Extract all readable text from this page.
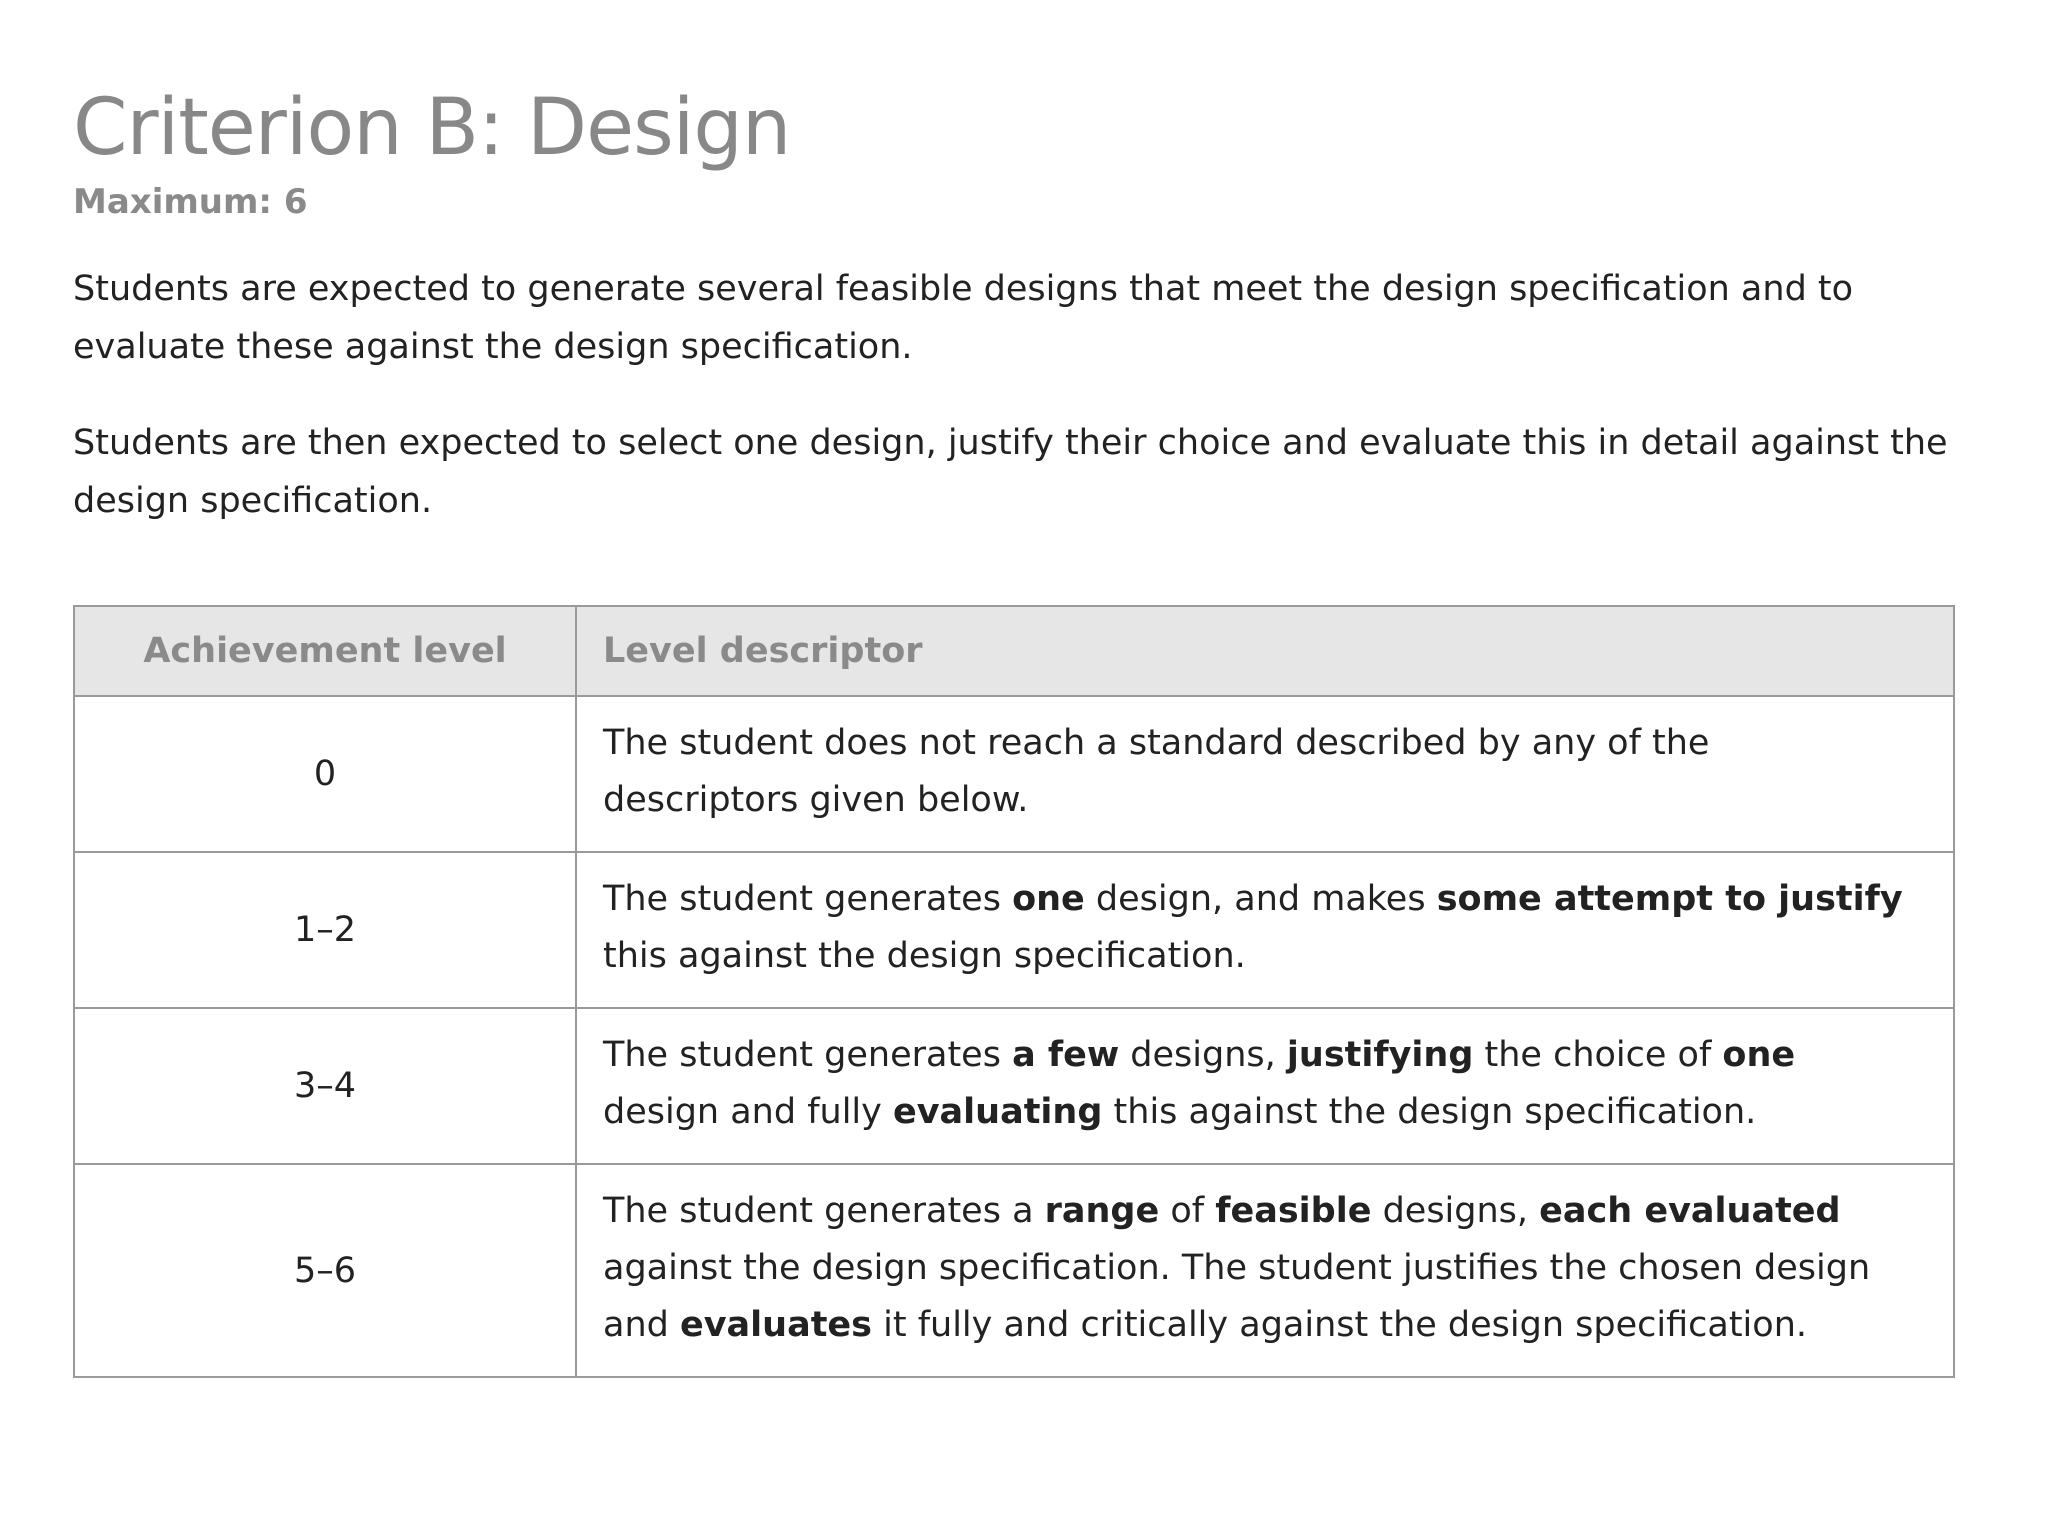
Criterion B: Design
Maximum: 6

Students are expected to generate several feasible designs that meet the design specification and to evaluate these against the design specification.

Students are then expected to select one design, justify their choice and evaluate this in detail against the design specification.

Achievement level	Level descriptor
0	The student does not reach a standard described by any of the descriptors given below.
1–2	The student generates one design, and makes some attempt to justify this against the design specification.
3–4	The student generates a few designs, justifying the choice of one design and fully evaluating this against the design specification.
5–6	The student generates a range of feasible designs, each evaluated against the design specification. The student justifies the chosen design and evaluates it fully and critically against the design specification.
